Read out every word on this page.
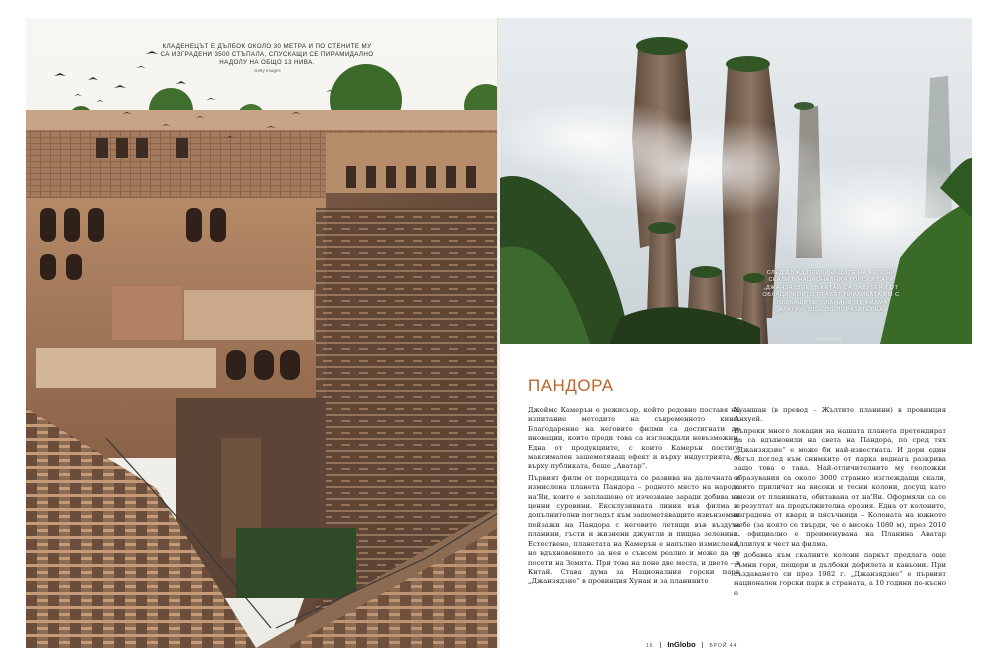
КЛАДЕНЕЦЪТ Е ДЪЛБОК ОКОЛО 30 МЕТРА И ПО СТЕНИТЕ МУ СА ИЗГРАДЕНИ 3500 СТЪПАЛА, СПУСКАЩИ СЕ ПИРАМИДАЛНО НАДОЛУ НА ОБЩО 13 НИВА.
Getty Images
СЛЕД ДЪЖД ПРИЛИЧАЩИТЕ НА КОЛОНИ СКАЛИ В НАЦИОНАЛНИЯ ГОРСКИ ПАРК „ДЖАНЗЯДЗИЕ“ В КИТАЙ СА ЗАБУЛЕНИ ОТ ОБЛАЦИ, КОИТО ПРАВЯТ ПРИЛИКАТА ИМ С „ПЛАВАЩИТЕ“ ПЛАНИНИ ОТ ФИЛМА „АВАТАР“ ОЩЕ ПО-ПОРАЗИТЕЛНА.
Getty Images
ПАНДОРА

Джеймс Камерън е режисьор, който редовно поставя на изпитание методите на съвременното кино. Благодарение на неговите филми са достигнати до иновации, които преди това са изглеждали невъзможни. Една от продукциите, с които Камерън постига максимален зашеметяващ ефект и върху индустрията, и върху публиката, беше „Аватар“.

Първият филм от поредицата се развива на далечната и измислена планета Пандора – родното място на народа на'Ви, които е заплашено от изчезване заради добива на ценни суровини. Ексклузивната линия във филма е допълнителни погледът към зашеметяващите извънземни пейзажи на Пандора с неговите летящи във въздуха планини, гъсти и жизнени джунгли и пищна зеленина. Естествено, планетата на Камерън е напълно измислена, но вдъхновението за нея е съвсем реално и може да се посети на Земята. При това на поне две места, и двете – в Китай. Става дума за Националния горски парк „Джанзядзие“ в провинция Хунан и за планините

Хуаншан (в превод – Жълтите планини) в провинция Анхуей.

Въпреки много локации на нашата планета претендират да са вдъхновили на света на Пандора, по сред тях „Джанзядзие“ е може би най-известната. И дори един бегъл поглед към снимките от парка веднага разкрива защо това е така. Най-отличителните му геоложки образувания са около 3000 странно изглеждащи скали, които приличат на високи и тесни колони, досущ като онези от планината, обитавана от на'Ви. Оформяли са се в резултат на продължителна ерозия. Една от колоните, изградена от кварц и пясъчници – Колоната на южното небе (за която се твърди, че е висока 1080 м), през 2010 г. официално е преименувана на Планина Аватар Аллилуя в чест на филма.

В добавка към скалните колони паркът предлага още тъмни гори, пещери и дълбоки дефилета и каньони. При създаването си през 1982 г. „Джанзядзие“ е първият национален горски парк в страната, а 10 години по-късно е

16 InGlobo	БРОЙ 44
